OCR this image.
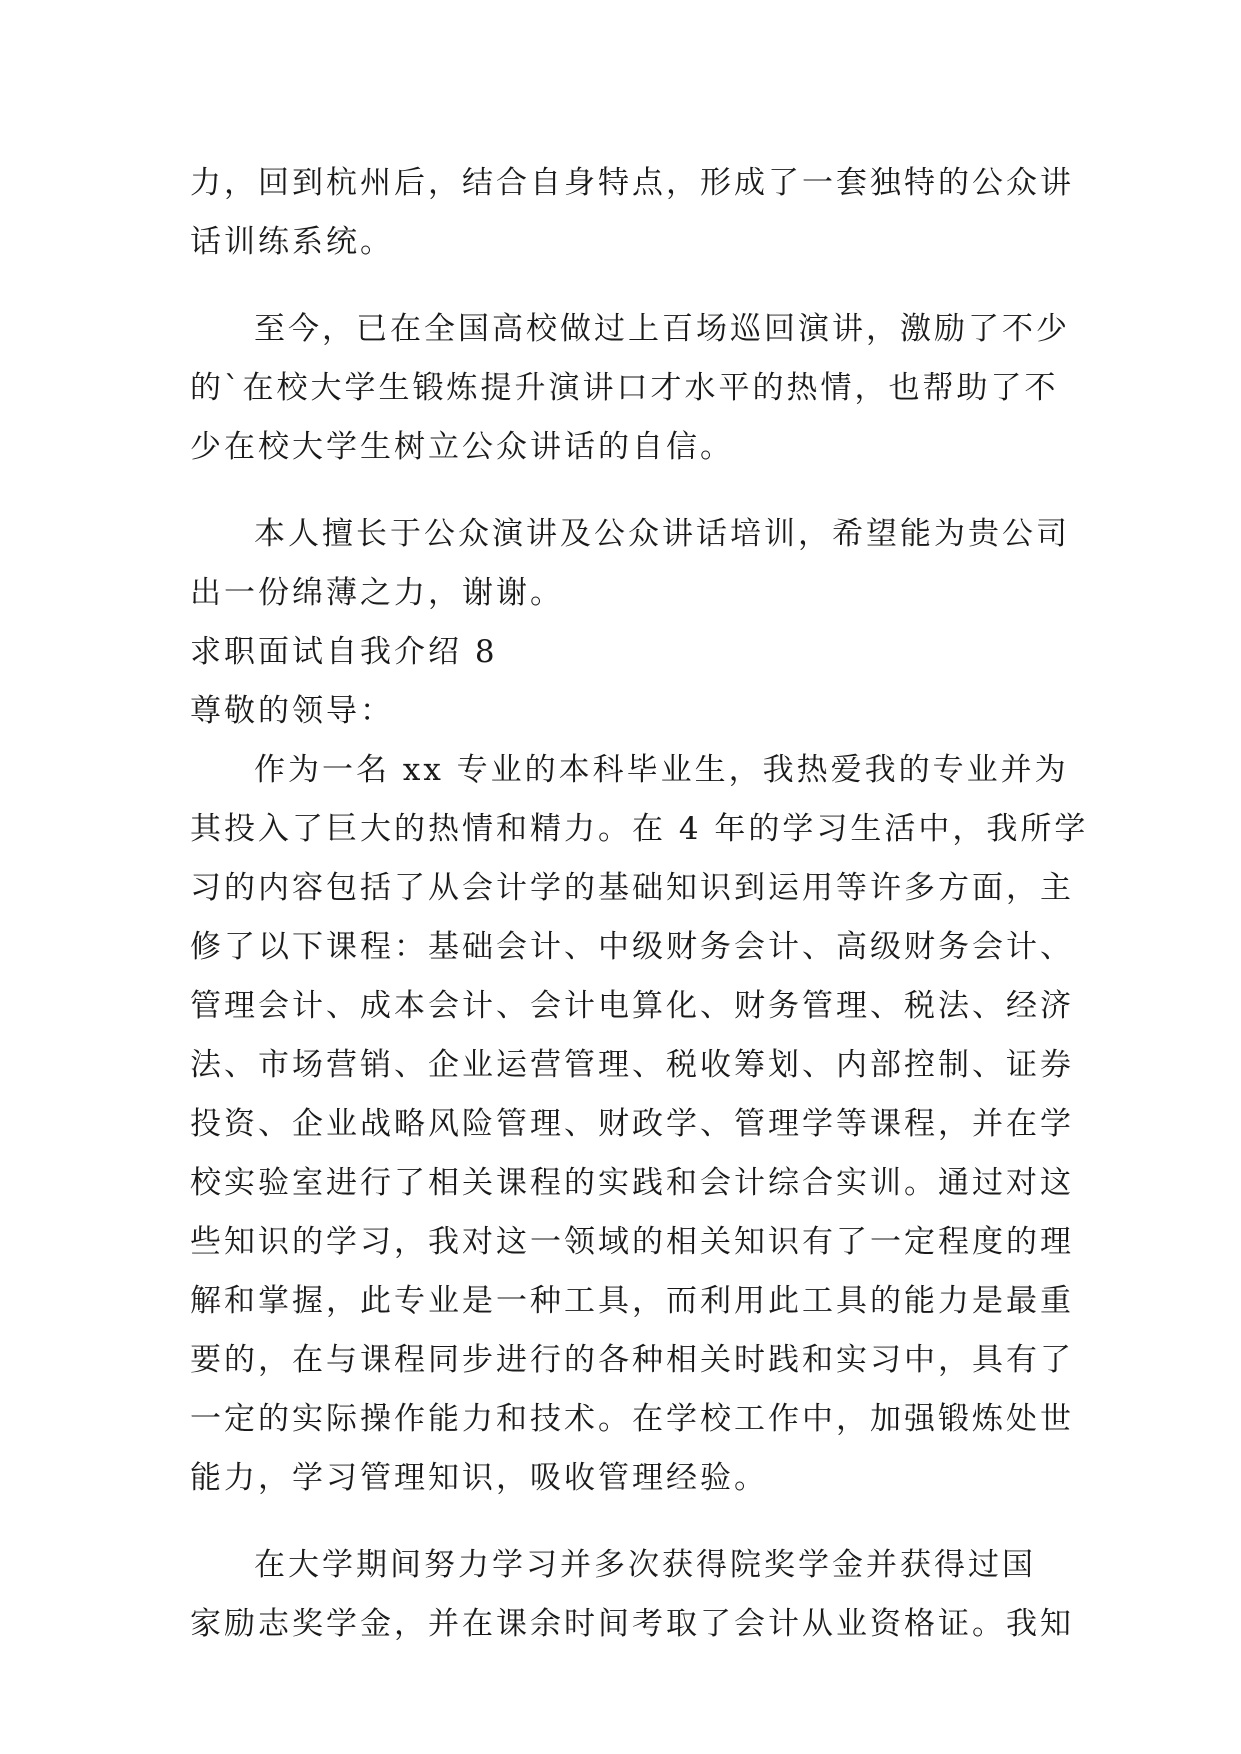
力，回到杭州后，结合自身特点，形成了一套独特的公众讲
话训练系统。
至今，已在全国高校做过上百场巡回演讲，激励了不少
的`在校大学生锻炼提升演讲口才水平的热情，也帮助了不
少在校大学生树立公众讲话的自信。
本人擅长于公众演讲及公众讲话培训，希望能为贵公司
出一份绵薄之力，谢谢。
求职面试自我介绍 8
尊敬的领导：
作为一名 xx 专业的本科毕业生，我热爱我的专业并为
其投入了巨大的热情和精力。在 4 年的学习生活中，我所学
习的内容包括了从会计学的基础知识到运用等许多方面，主
修了以下课程：基础会计、中级财务会计、高级财务会计、
管理会计、成本会计、会计电算化、财务管理、税法、经济
法、市场营销、企业运营管理、税收筹划、内部控制、证券
投资、企业战略风险管理、财政学、管理学等课程，并在学
校实验室进行了相关课程的实践和会计综合实训。通过对这
些知识的学习，我对这一领域的相关知识有了一定程度的理
解和掌握，此专业是一种工具，而利用此工具的能力是最重
要的，在与课程同步进行的各种相关时践和实习中，具有了
一定的实际操作能力和技术。在学校工作中，加强锻炼处世
能力，学习管理知识，吸收管理经验。
在大学期间努力学习并多次获得院奖学金并获得过国
家励志奖学金，并在课余时间考取了会计从业资格证。我知
